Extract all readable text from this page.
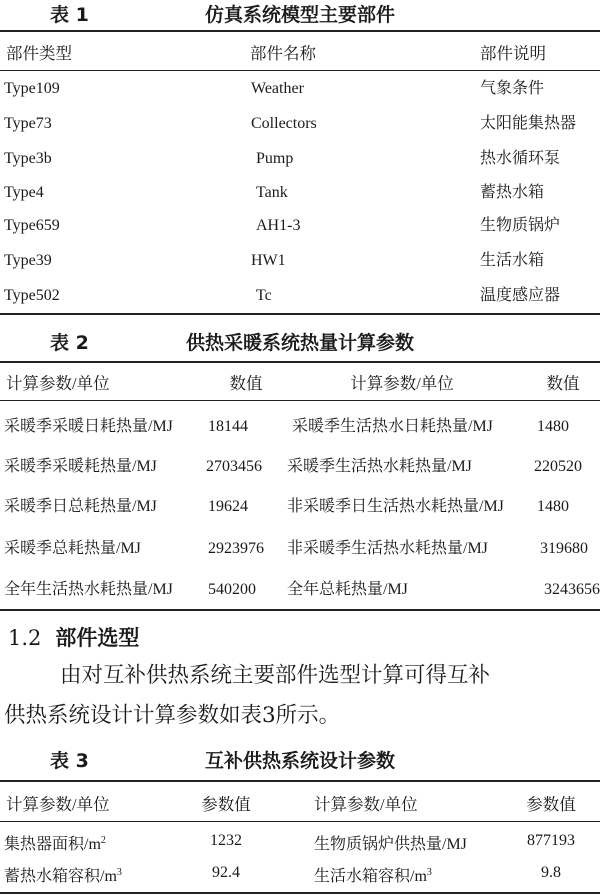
表 1	仿真系统模型主要部件
部件类型	部件名称	部件说明
Type109	Weather	气象条件
Type73	Collectors	太阳能集热器
Type3b	Pump	热水循环泵
Type4	Tank	蓄热水箱
Type659	AH1-3	生物质锅炉
Type39	HW1	生活水箱
Type502	Tc	温度感应器
表 2	供热采暖系统热量计算参数
计算参数/单位	数值	计算参数/单位	数值
采暖季采暖日耗热量/MJ 18144	采暖季生活热水日耗热量/MJ	1480
采暖季采暖耗热量/MJ	2703456 采暖季生活热水耗热量/MJ	220520
采暖季日总耗热量/MJ	19624 非采暖季日生活热水耗热量/MJ 1480
采暖季总耗热量/MJ	2923976 非采暖季生活热水耗热量/MJ	319680
全年生活热水耗热量/MJ 540200 全年总耗热量/MJ	3243656
1.2 部件选型
由对互补供热系统主要部件选型计算可得互补
供热系统设计计算参数如表3所示。
表 3	互补供热系统设计参数
计算参数/单位	参数值	计算参数/单位	参数值
集热器面积$/m^2$	1232	生物质锅炉供热量/MJ	877193
蓄热水箱容积$/m^3$	92.4	生活水箱容积$/m^3$	9.8
